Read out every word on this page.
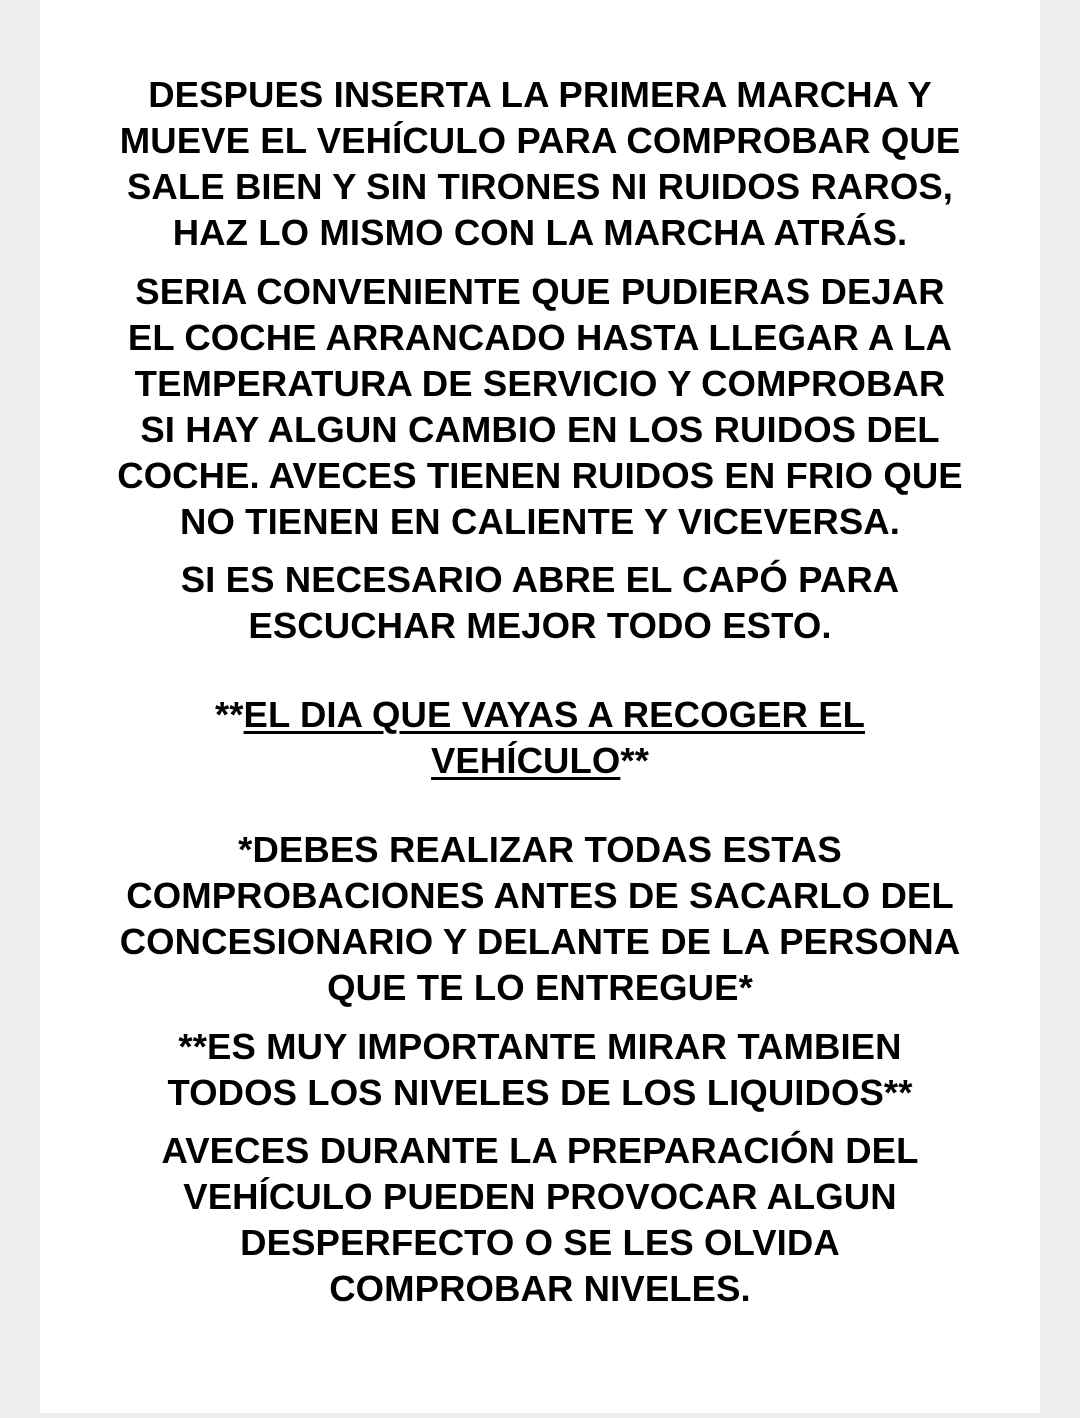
DESPUES INSERTA LA PRIMERA MARCHA Y
MUEVE EL VEHÍCULO PARA COMPROBAR QUE
SALE BIEN Y SIN TIRONES NI RUIDOS RAROS,
HAZ LO MISMO CON LA MARCHA ATRÁS.

SERIA CONVENIENTE QUE PUDIERAS DEJAR
EL COCHE ARRANCADO HASTA LLEGAR A LA
TEMPERATURA DE SERVICIO Y COMPROBAR
SI HAY ALGUN CAMBIO EN LOS RUIDOS DEL
COCHE. AVECES TIENEN RUIDOS EN FRIO QUE
NO TIENEN EN CALIENTE Y VICEVERSA.

SI ES NECESARIO ABRE EL CAPÓ PARA
ESCUCHAR MEJOR TODO ESTO.

**EL DIA QUE VAYAS A RECOGER EL
VEHÍCULO**

*DEBES REALIZAR TODAS ESTAS
COMPROBACIONES ANTES DE SACARLO DEL
CONCESIONARIO Y DELANTE DE LA PERSONA
QUE TE LO ENTREGUE*

**ES MUY IMPORTANTE MIRAR TAMBIEN
TODOS LOS NIVELES DE LOS LIQUIDOS**

AVECES DURANTE LA PREPARACIÓN DEL
VEHÍCULO PUEDEN PROVOCAR ALGUN
DESPERFECTO O SE LES OLVIDA
COMPROBAR NIVELES.
